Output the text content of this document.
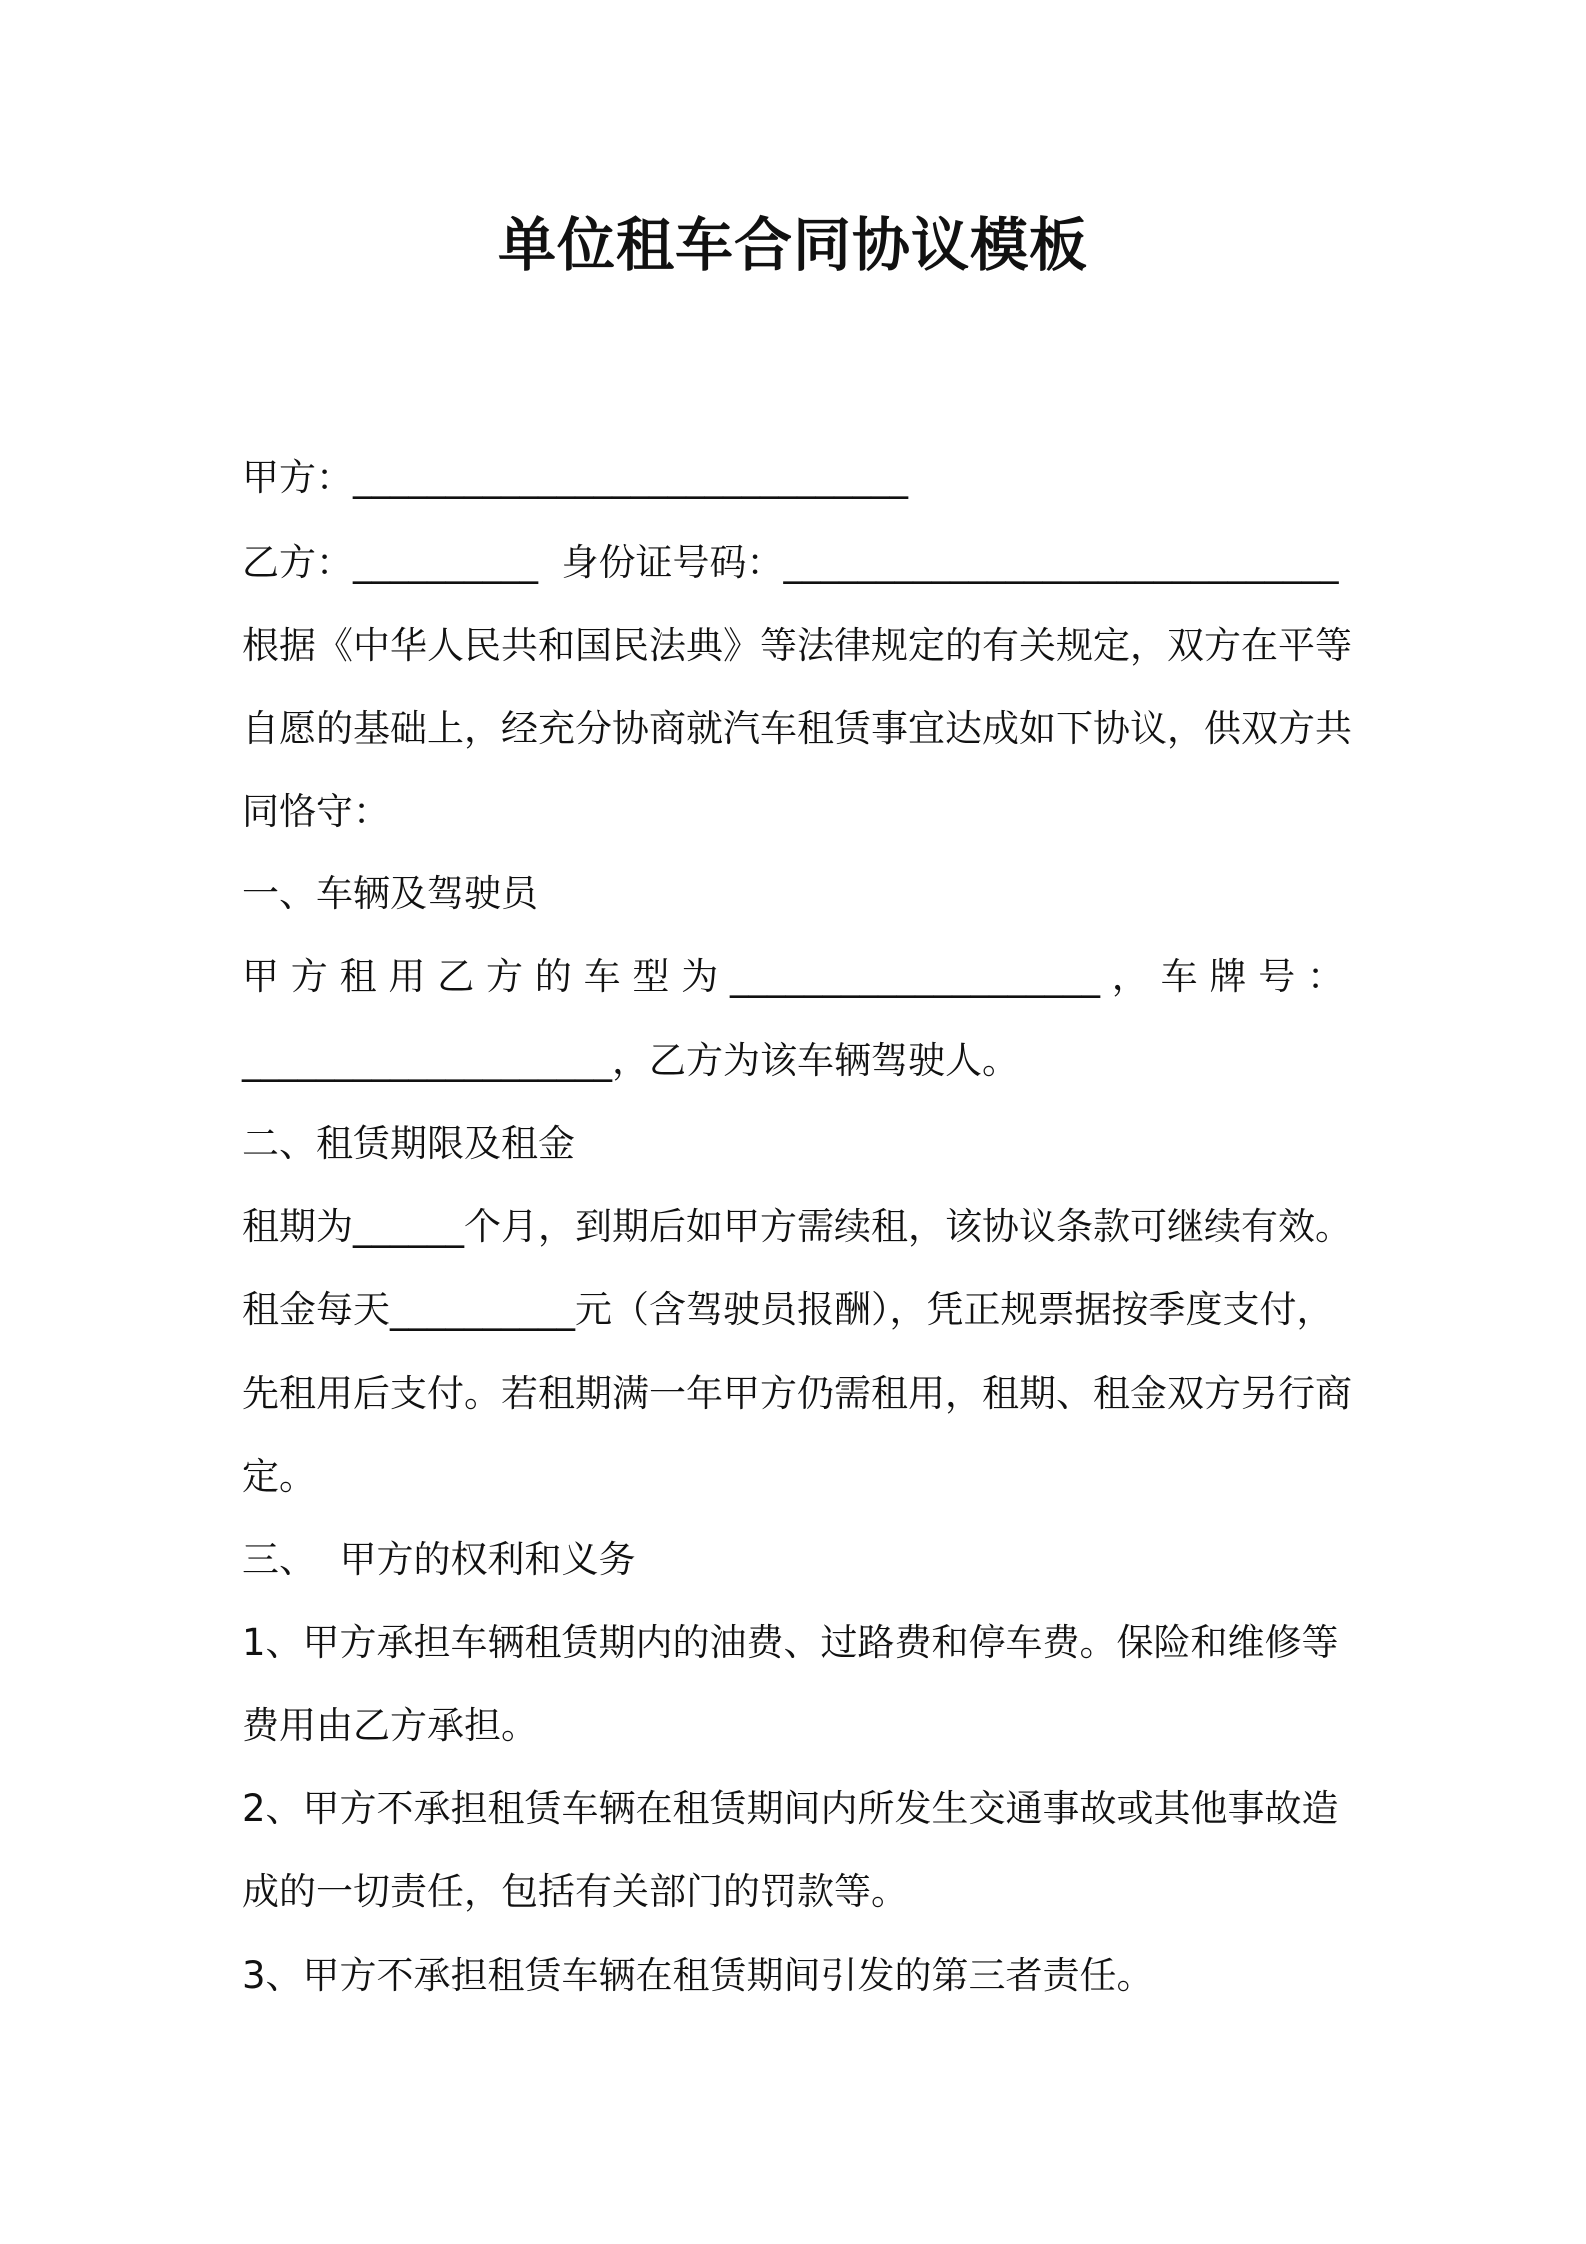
单位租车合同协议模板
甲方：______________________________
乙方：__________  身份证号码：______________________________
根据《中华人民共和国民法典》等法律规定的有关规定，双方在平等
自愿的基础上，经充分协商就汽车租赁事宜达成如下协议，供双方共
同恪守：
一、车辆及驾驶员
甲方租用乙方的车型为____________________，车牌号：
____________________，乙方为该车辆驾驶人。
二、租赁期限及租金
租期为______个月，到期后如甲方需续租，该协议条款可继续有效。
租金每天__________元（含驾驶员报酬），凭正规票据按季度支付，
先租用后支付。若租期满一年甲方仍需租用，租期、租金双方另行商
定。
三、  甲方的权利和义务
1、甲方承担车辆租赁期内的油费、过路费和停车费。保险和维修等
费用由乙方承担。
2、甲方不承担租赁车辆在租赁期间内所发生交通事故或其他事故造
成的一切责任，包括有关部门的罚款等。
3、甲方不承担租赁车辆在租赁期间引发的第三者责任。
